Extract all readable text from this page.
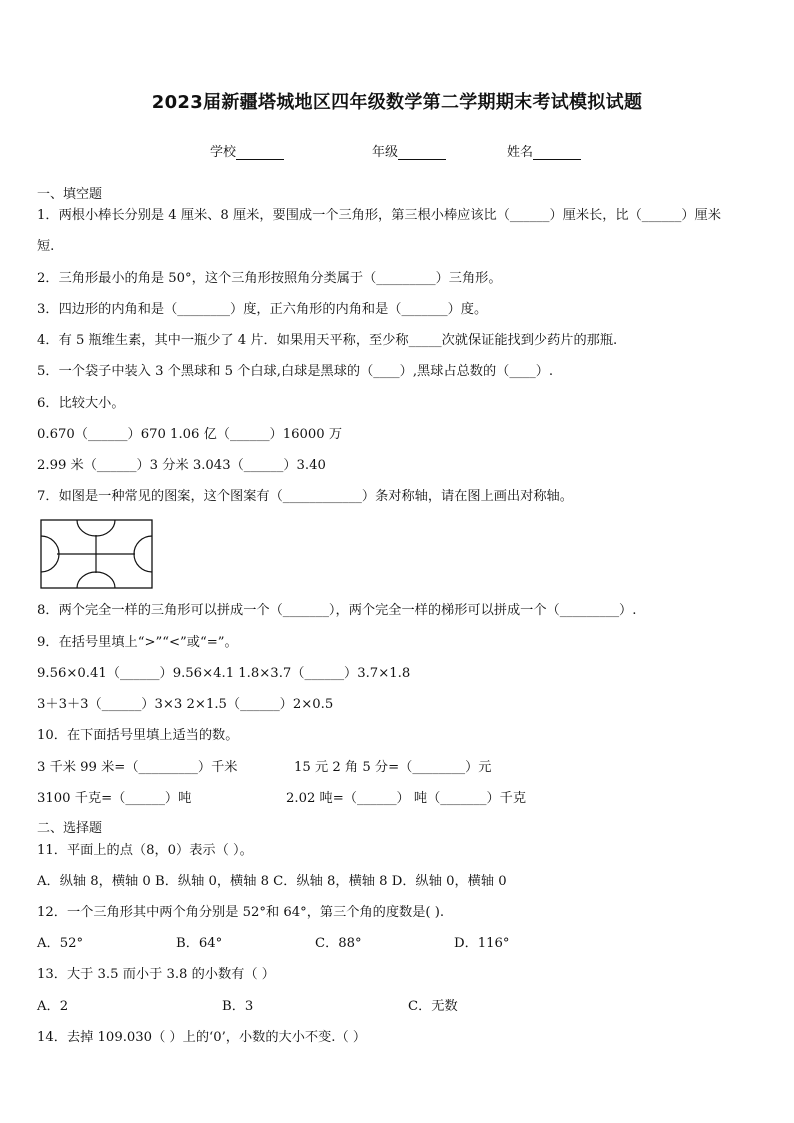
2023届新疆塔城地区四年级数学第二学期期末考试模拟试题
学校	年级	姓名
一、填空题
1．两根小棒长分别是 4 厘米、8 厘米，要围成一个三角形，第三根小棒应该比（______）厘米长，比（______）厘米
短.
2．三角形最小的角是 50°，这个三角形按照角分类属于（_________）三角形。
3．四边形的内角和是（________）度，正六角形的内角和是（_______）度。
4．有 5 瓶维生素，其中一瓶少了 4 片．如果用天平称，至少称_____次就保证能找到少药片的那瓶.
5．一个袋子中装入 3 个黑球和 5 个白球,白球是黑球的（____）,黑球占总数的（____）.
6．比较大小。
0.670（______）670 1.06 亿（______）16000 万
2.99 米（______）3 分米 3.043（______）3.40
7．如图是一种常见的图案，这个图案有（____________）条对称轴，请在图上画出对称轴。
8．两个完全一样的三角形可以拼成一个（_______），两个完全一样的梯形可以拼成一个（_________）.
9．在括号里填上“>”“<”或“=”。
9.56×0.41（______）9.56×4.1 1.8×3.7（______）3.7×1.8
3＋3＋3（______）3×3 2×1.5（______）2×0.5
10．在下面括号里填上适当的数。
3 千米 99 米=（_________）千米	15 元 2 角 5 分=（________）元
3100 千克=（______）吨	2.02 吨=（______） 吨（_______）千克
二、选择题
11．平面上的点（8，0）表示（ ）。
A．纵轴 8，横轴 0 B．纵轴 0，横轴 8 C．纵轴 8，横轴 8 D．纵轴 0，横轴 0
12．一个三角形其中两个角分别是 52°和 64°，第三个角的度数是( ).
A．52°	B．64°	C．88°	D．116°
13．大于 3.5 而小于 3.8 的小数有（ ）
A．2	B．3	C．无数
14．去掉 109.030（ ）上的‘0’，小数的大小不变.（ ）
